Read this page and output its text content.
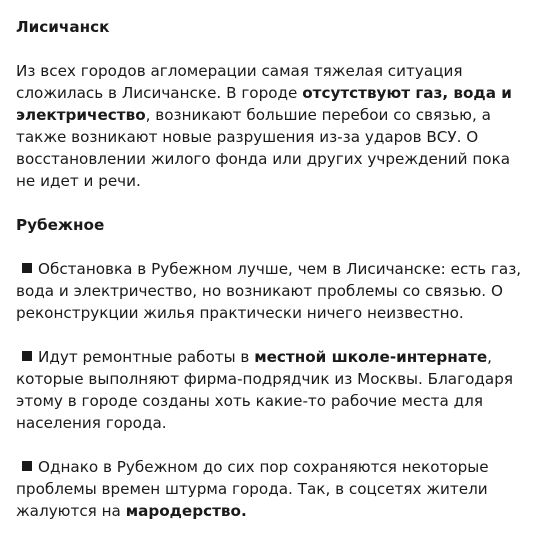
Лисичанск

Из всех городов агломерации самая тяжелая ситуация сложилась в Лисичанске. В городе отсутствуют газ, вода и электричество, возникают большие перебои со связью, а также возникают новые разрушения из-за ударов ВСУ. О восстановлении жилого фонда или других учреждений пока не идет и речи.

Рубежное

Обстановка в Рубежном лучше, чем в Лисичанске: есть газ, вода и электричество, но возникают проблемы со связью. О реконструкции жилья практически ничего неизвестно.

Идут ремонтные работы в местной школе-интернате, которые выполняют фирма-подрядчик из Москвы. Благодаря этому в городе созданы хоть какие-то рабочие места для населения города.

Однако в Рубежном до сих пор сохраняются некоторые проблемы времен штурма города. Так, в соцсетях жители жалуются на мародерство.
